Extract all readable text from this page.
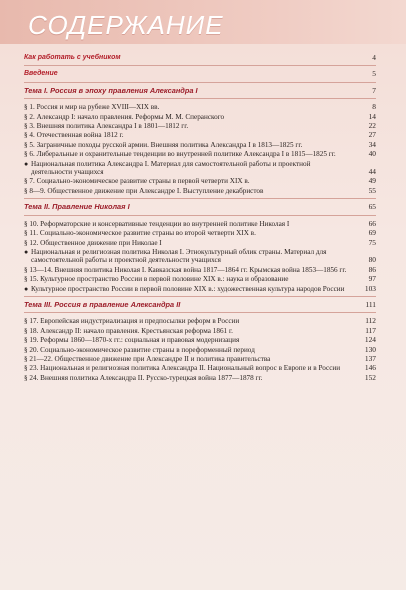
СОДЕРЖАНИЕ
Как работать с учебником	4
Введение	5
Тема I. Россия в эпоху правления Александра I	7
§ 1. Россия и мир на рубеже XVIII—XIX вв.	8
§ 2. Александр I: начало правления. Реформы М. М. Сперанского	14
§ 3. Внешняя политика Александра I в 1801—1812 гг.	22
§ 4. Отечественная война 1812 г.	27
§ 5. Заграничные походы русской армии. Внешняя политика Александра I в 1813—1825 гг.	34
§ 6. Либеральные и охранительные тенденции во внутренней политике Александра I в 1815—1825 гг.	40
● Национальная политика Александра I. Материал для самостоятельной работы и проектной деятельности учащихся	44
§ 7. Социально-экономическое развитие страны в первой четверти XIX в.	49
§ 8—9. Общественное движение при Александре I. Выступление декабристов	55
Тема II. Правление Николая I	65
§ 10. Реформаторские и консервативные тенденции во внутренней политике Николая I	66
§ 11. Социально-экономическое развитие страны во второй четверти XIX в.	69
§ 12. Общественное движение при Николае I	75
● Национальная и религиозная политика Николая I. Этнокультурный облик страны. Материал для самостоятельной работы и проектной деятельности учащихся	80
§ 13—14. Внешняя политика Николая I. Кавказская война 1817—1864 гг. Крымская война 1853—1856 гг.	86
§ 15. Культурное пространство России в первой половине XIX в.: наука и образование	97
● Культурное пространство России в первой половине XIX в.: художественная культура народов России	103
Тема III. Россия в правление Александра II	111
§ 17. Европейская индустриализация и предпосылки реформ в России	112
§ 18. Александр II: начало правления. Крестьянская реформа 1861 г.	117
§ 19. Реформы 1860—1870-х гг.: социальная и правовая модернизация	124
§ 20. Социально-экономическое развитие страны в пореформенный период	130
§ 21—22. Общественное движение при Александре II и политика правительства	137
§ 23. Национальная и религиозная политика Александра II. Национальный вопрос в Европе и в России	146
§ 24. Внешняя политика Александра II. Русско-турецкая война 1877—1878 гг.	152
